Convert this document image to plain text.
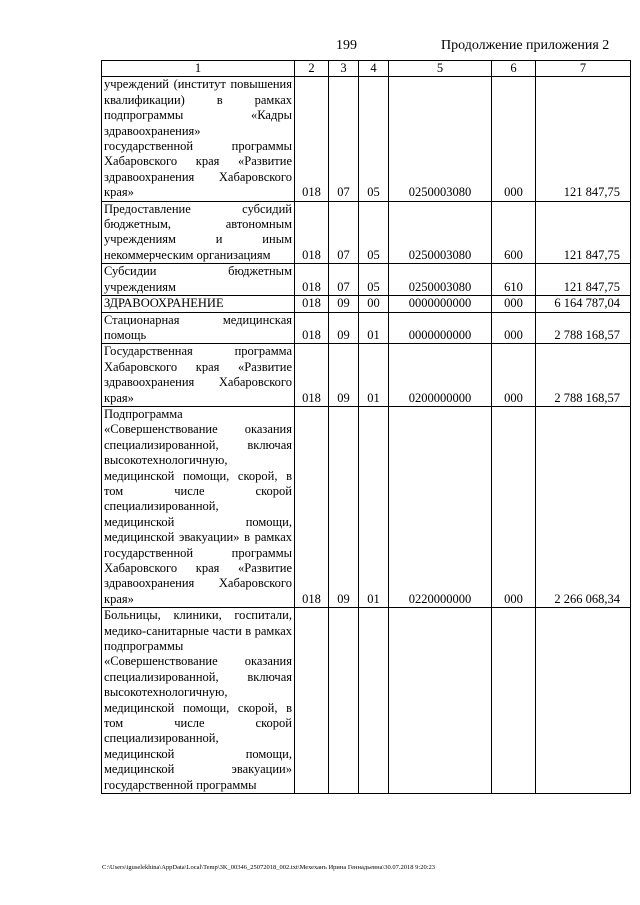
199	Продолжение приложения 2
1	2	3	4	5	6	7
учреждений (институт повышения квалификации) в рамках подпрограммы «Кадры здравоохранения» государственной программы Хабаровского края «Развитие здравоохранения Хабаровского края»	018	07	05	0250003080	000	121 847,75
Предоставление субсидий бюджетным, автономным учреждениям и иным некоммерческим организациям	018	07	05	0250003080	600	121 847,75
Субсидии бюджетным учреждениям	018	07	05	0250003080	610	121 847,75
ЗДРАВООХРАНЕНИЕ	018	09	00	0000000000	000	6 164 787,04
Стационарная медицинская помощь	018	09	01	0000000000	000	2 788 168,57
Государственная программа Хабаровского края «Развитие здравоохранения Хабаровского края»	018	09	01	0200000000	000	2 788 168,57
Подпрограмма «Совершенствование оказания специализированной, включая высокотехнологичную, медицинской помощи, скорой, в том числе скорой специализированной, медицинской помощи, медицинской эвакуации» в рамках государственной программы Хабаровского края «Развитие здравоохранения Хабаровского края»	018	09	01	0220000000	000	2 266 068,34
Больницы, клиники, госпитали, медико-санитарные части в рамках подпрограммы «Совершенствование оказания специализированной, включая высокотехнологичную, медицинской помощи, скорой, в том числе скорой специализированной, медицинской помощи, медицинской эвакуации» государственной программы						
C:\Users\iguselekhina\AppData\Local\Temp\3K_00346_25072018_002.txt\Мехеханъ Ирина Геннадьевна\30.07.2018 9:20:23
